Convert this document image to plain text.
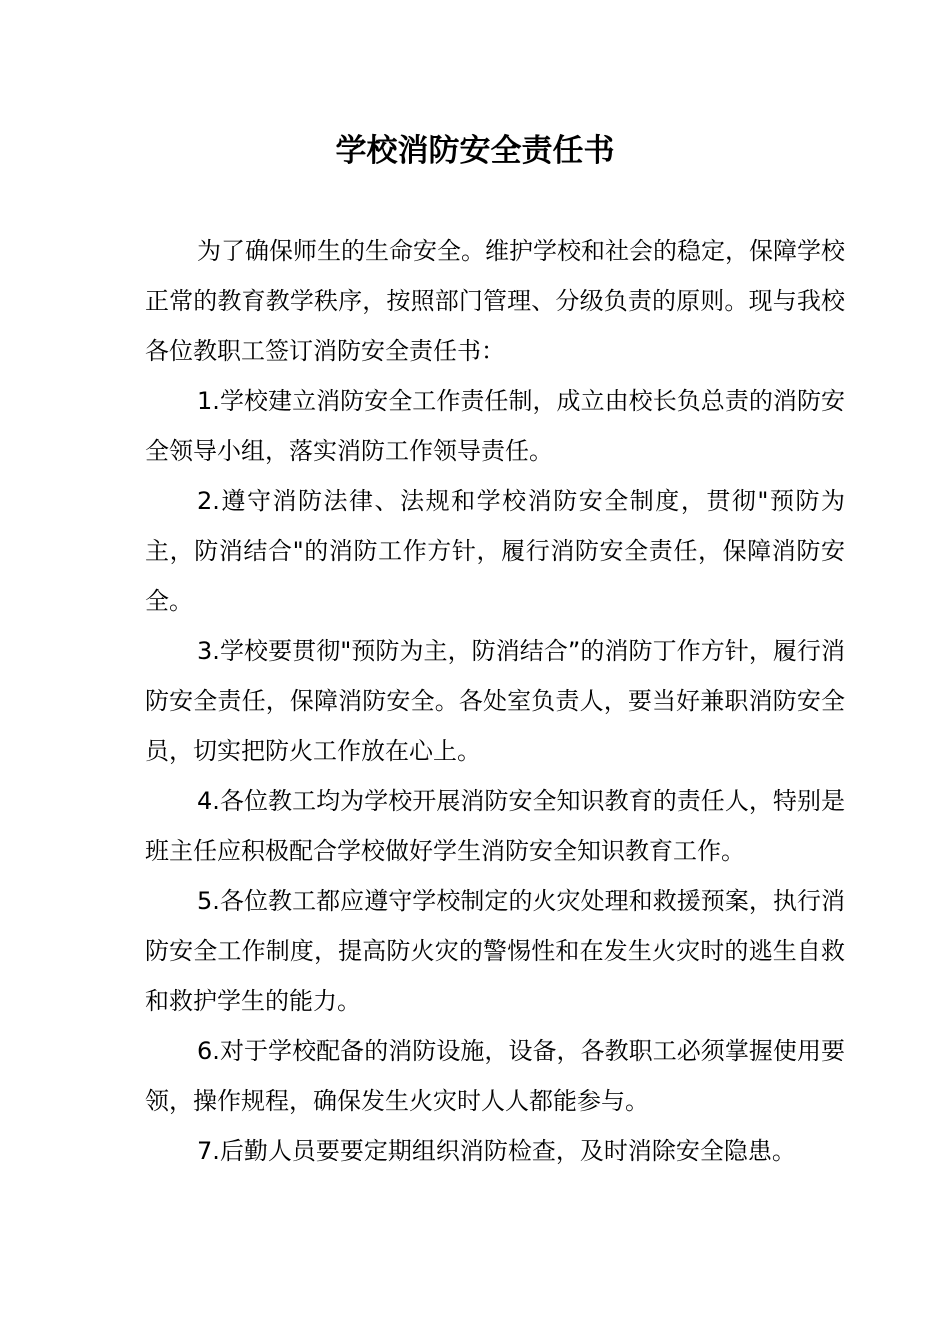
学校消防安全责任书

为了确保师生的生命安全。维护学校和社会的稳定，保障学校正常的教育教学秩序，按照部门管理、分级负责的原则。现与我校各位教职工签订消防安全责任书：

1.学校建立消防安全工作责任制，成立由校长负总责的消防安全领导小组，落实消防工作领导责任。

2.遵守消防法律、法规和学校消防安全制度，贯彻"预防为主，防消结合"的消防工作方针，履行消防安全责任，保障消防安全。

3.学校要贯彻"预防为主，防消结合”的消防丁作方针，履行消防安全责任，保障消防安全。各处室负责人，要当好兼职消防安全员，切实把防火工作放在心上。

4.各位教工均为学校开展消防安全知识教育的责任人，特别是班主任应积极配合学校做好学生消防安全知识教育工作。

5.各位教工都应遵守学校制定的火灾处理和救援预案，执行消防安全工作制度，提高防火灾的警惕性和在发生火灾时的逃生自救和救护学生的能力。

6.对于学校配备的消防设施，设备，各教职工必须掌握使用要领，操作规程，确保发生火灾时人人都能参与。

7.后勤人员要要定期组织消防检查，及时消除安全隐患。
